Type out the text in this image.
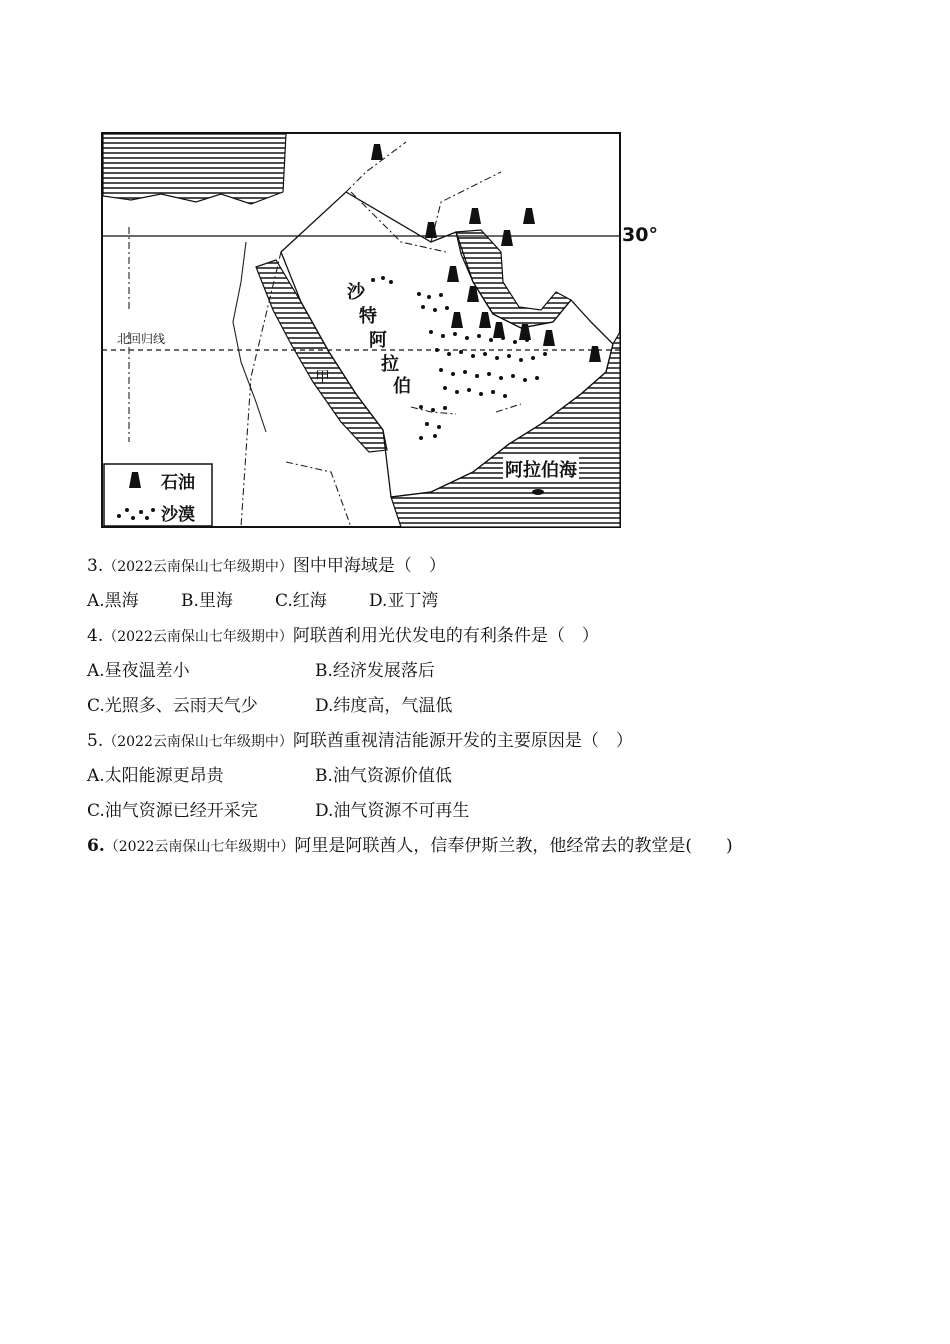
北回归线
甲
沙
特
阿
拉
伯
阿拉伯海
石油
沙漠
30°
3.（2022云南保山七年级期中）图中甲海域是（　）
A.黑海 B.里海 C.红海 D.亚丁湾
4.（2022云南保山七年级期中）阿联酋利用光伏发电的有利条件是（　）
A.昼夜温差小	B.经济发展落后
C.光照多、云雨天气少	D.纬度高，气温低
5.（2022云南保山七年级期中）阿联酋重视清洁能源开发的主要原因是（　）
A.太阳能源更昂贵	B.油气资源价值低
C.油气资源已经开采完	D.油气资源不可再生
6.（2022云南保山七年级期中）阿里是阿联酋人，信奉伊斯兰教，他经常去的教堂是(　　)
